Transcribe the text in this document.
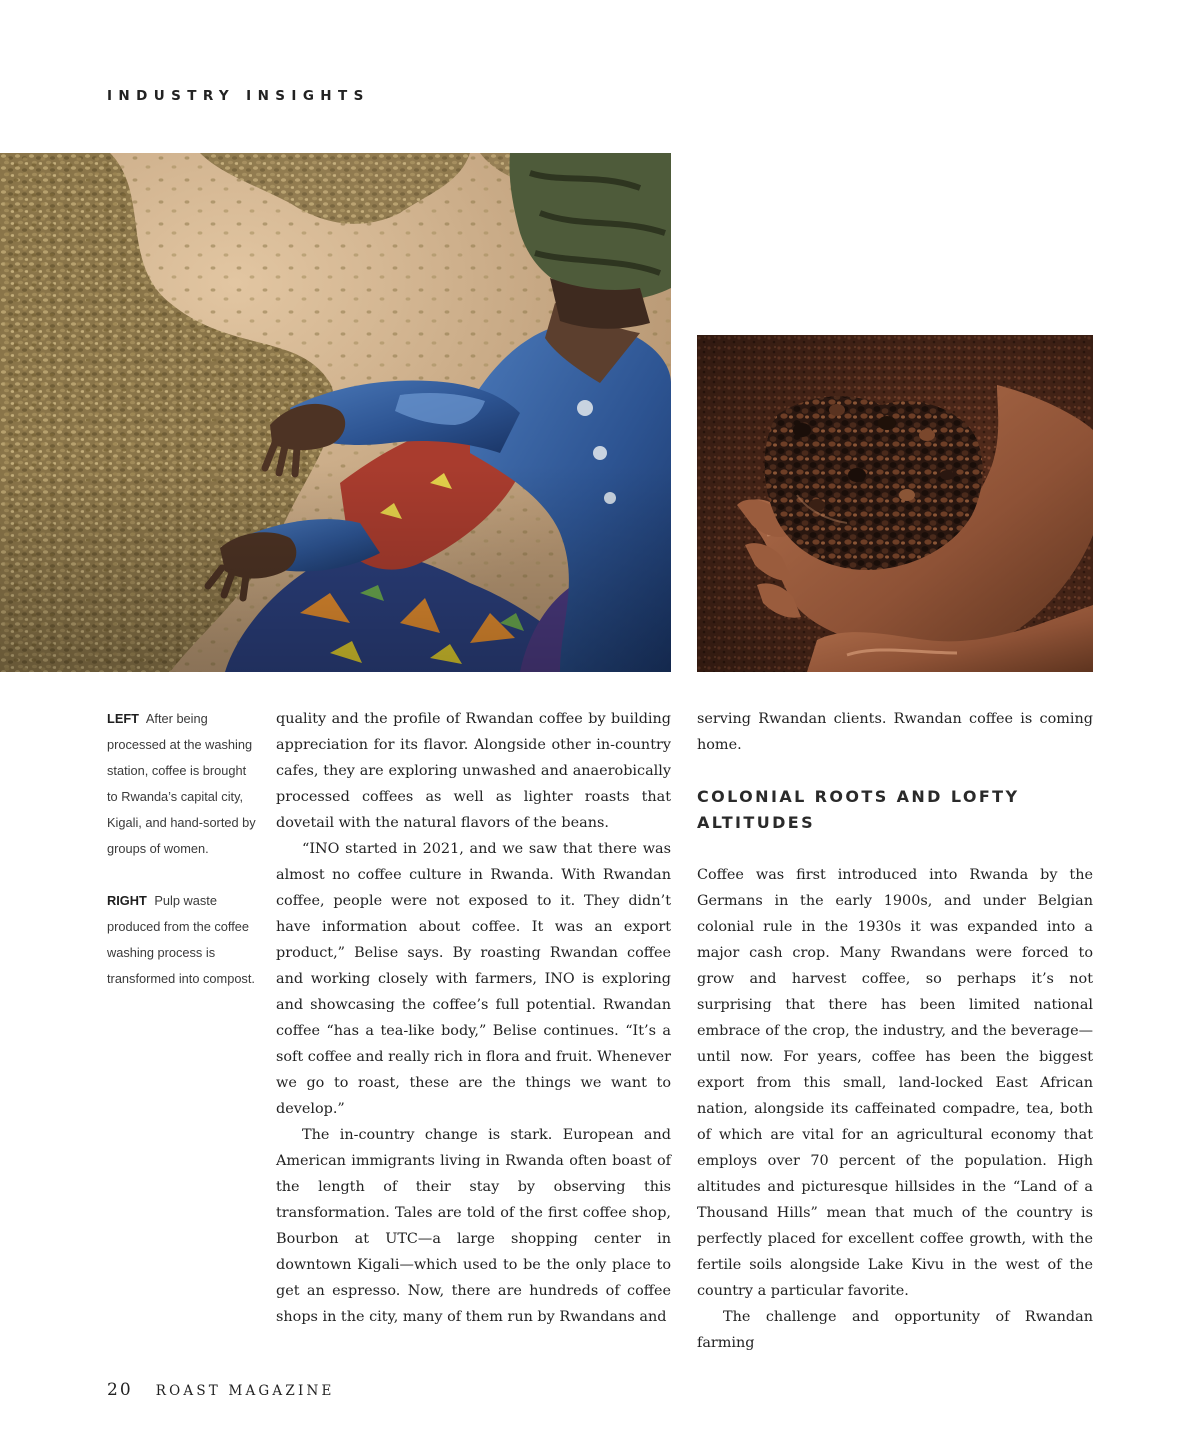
INDUSTRY INSIGHTS

LEFT After being processed at the washing station, coffee is brought to Rwanda’s capital city, Kigali, and hand-sorted by groups of women.

RIGHT Pulp waste produced from the coffee washing process is transformed into compost.

quality and the profile of Rwandan coffee by building appreciation for its flavor. Alongside other in-country cafes, they are exploring unwashed and anaerobically processed coffees as well as lighter roasts that dovetail with the natural flavors of the beans.

“INO started in 2021, and we saw that there was almost no coffee culture in Rwanda. With Rwandan coffee, people were not exposed to it. They didn’t have information about coffee. It was an export product,” Belise says. By roasting Rwandan coffee and working closely with farmers, INO is exploring and showcasing the coffee’s full potential. Rwandan coffee “has a tea-like body,” Belise continues. “It’s a soft coffee and really rich in flora and fruit. Whenever we go to roast, these are the things we want to develop.”

The in-country change is stark. European and American immigrants living in Rwanda often boast of the length of their stay by observing this transformation. Tales are told of the first coffee shop, Bourbon at UTC—a large shopping center in downtown Kigali—which used to be the only place to get an espresso. Now, there are hundreds of coffee shops in the city, many of them run by Rwandans and

serving Rwandan clients. Rwandan coffee is coming home.

COLONIAL ROOTS AND LOFTY ALTITUDES

Coffee was first introduced into Rwanda by the Germans in the early 1900s, and under Belgian colonial rule in the 1930s it was expanded into a major cash crop. Many Rwandans were forced to grow and harvest coffee, so perhaps it’s not surprising that there has been limited national embrace of the crop, the industry, and the beverage—until now. For years, coffee has been the biggest export from this small, land-locked East African nation, alongside its caffeinated compadre, tea, both of which are vital for an agricultural economy that employs over 70 percent of the population. High altitudes and picturesque hillsides in the “Land of a Thousand Hills” mean that much of the country is perfectly placed for excellent coffee growth, with the fertile soils alongside Lake Kivu in the west of the country a particular favorite.

The challenge and opportunity of Rwandan farming

20 ROAST MAGAZINE
